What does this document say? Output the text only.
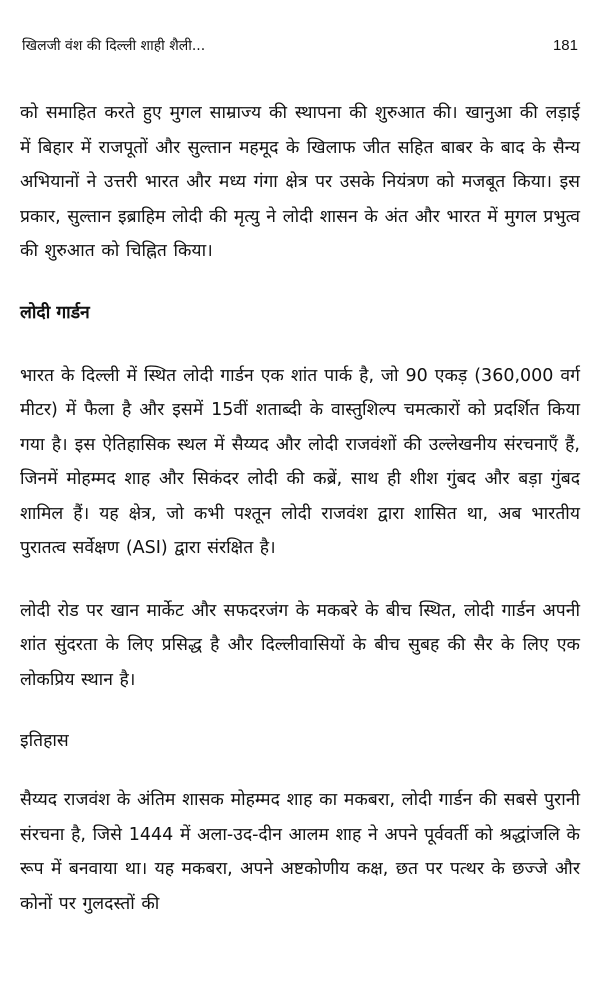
खिलजी वंश की दिल्ली शाही शैली...	181

को समाहित करते हुए मुगल साम्राज्य की स्थापना की शुरुआत की। खानुआ की लड़ाई में बिहार में राजपूतों और सुल्तान महमूद के खिलाफ जीत सहित बाबर के बाद के सैन्य अभियानों ने उत्तरी भारत और मध्य गंगा क्षेत्र पर उसके नियंत्रण को मजबूत किया। इस प्रकार, सुल्तान इब्राहिम लोदी की मृत्यु ने लोदी शासन के अंत और भारत में मुगल प्रभुत्व की शुरुआत को चिह्नित किया।

लोदी गार्डन

भारत के दिल्ली में स्थित लोदी गार्डन एक शांत पार्क है, जो 90 एकड़ (360,000 वर्ग मीटर) में फैला है और इसमें 15वीं शताब्दी के वास्तुशिल्प चमत्कारों को प्रदर्शित किया गया है। इस ऐतिहासिक स्थल में सैय्यद और लोदी राजवंशों की उल्लेखनीय संरचनाएँ हैं, जिनमें मोहम्मद शाह और सिकंदर लोदी की कब्रें, साथ ही शीश गुंबद और बड़ा गुंबद शामिल हैं। यह क्षेत्र, जो कभी पश्तून लोदी राजवंश द्वारा शासित था, अब भारतीय पुरातत्व सर्वेक्षण (ASI) द्वारा संरक्षित है।

लोदी रोड पर खान मार्केट और सफदरजंग के मकबरे के बीच स्थित, लोदी गार्डन अपनी शांत सुंदरता के लिए प्रसिद्ध है और दिल्लीवासियों के बीच सुबह की सैर के लिए एक लोकप्रिय स्थान है।

इतिहास

सैय्यद राजवंश के अंतिम शासक मोहम्मद शाह का मकबरा, लोदी गार्डन की सबसे पुरानी संरचना है, जिसे 1444 में अला-उद-दीन आलम शाह ने अपने पूर्ववर्ती को श्रद्धांजलि के रूप में बनवाया था। यह मकबरा, अपने अष्टकोणीय कक्ष, छत पर पत्थर के छज्जे और कोनों पर गुलदस्तों की
